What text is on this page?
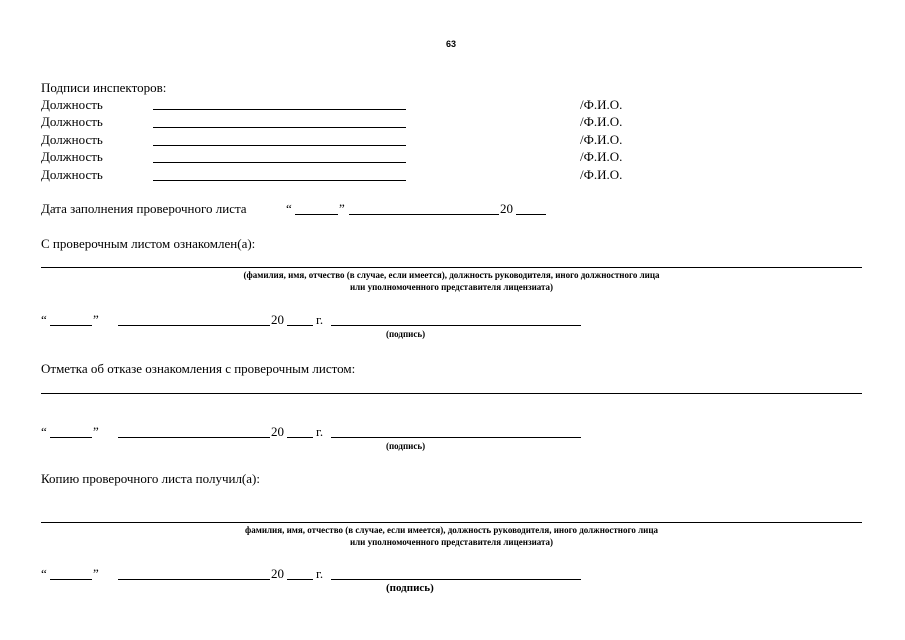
63
Подписи инспекторов:
Должность	/Ф.И.О.
Должность	/Ф.И.О.
Должность	/Ф.И.О.
Должность	/Ф.И.О.
Должность	/Ф.И.О.
Дата заполнения проверочного листа	“	”	20
С проверочным листом ознакомлен(а):
(фамилия, имя, отчество (в случае, если имеется), должность руководителя, иного должностного лица
или уполномоченного представителя лицензиата)
“	”	20 г.
(подпись)
Отметка об отказе ознакомления с проверочным листом:
“	”	20 г.
(подпись)
Копию проверочного листа получил(а):
фамилия, имя, отчество (в случае, если имеется), должность руководителя, иного должностного лица
или уполномоченного представителя лицензиата)
“	”	20 г.
(подпись)
